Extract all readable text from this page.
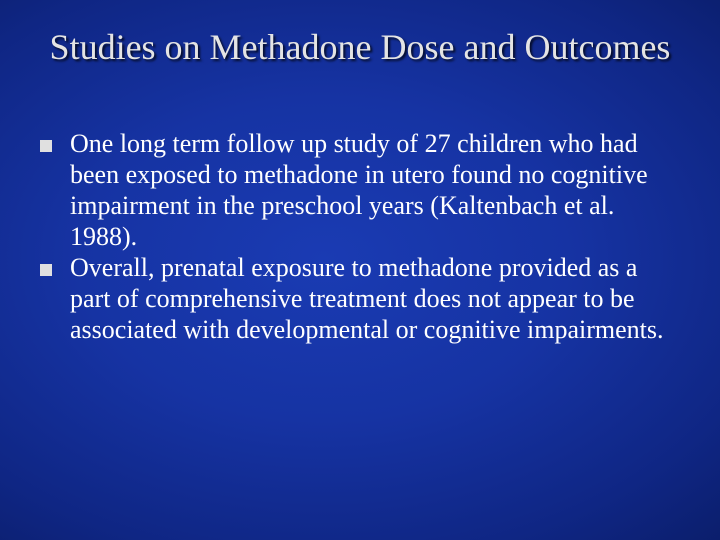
Studies on Methadone Dose and Outcomes
One long term follow up study of 27 children who had been exposed to methadone in utero found no cognitive impairment in the preschool years (Kaltenbach et al. 1988).
Overall, prenatal exposure to methadone provided as a part of comprehensive treatment does not appear to be associated with developmental or cognitive impairments.
